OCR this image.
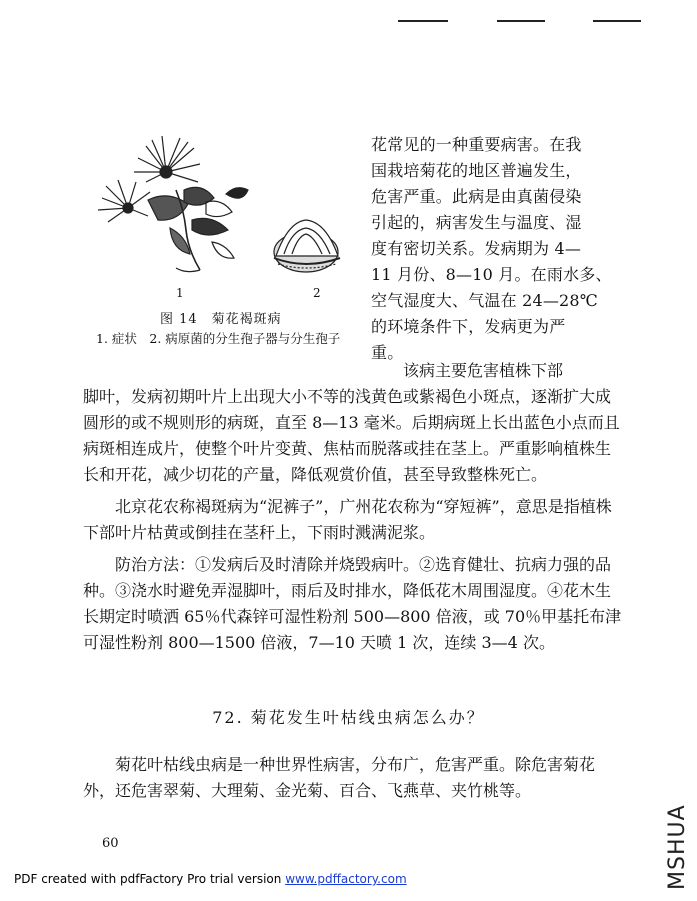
1	2
图 14　菊花褐斑病
1. 症状　2. 病原菌的分生孢子器与分生孢子

花常见的一种重要病害。在我

国栽培菊花的地区普遍发生，

危害严重。此病是由真菌侵染

引起的，病害发生与温度、湿

度有密切关系。发病期为 4—

11 月份、8—10 月。在雨水多、

空气湿度大、气温在 24—28℃

的环境条件下，发病更为严

重。

该病主要危害植株下部

脚叶，发病初期叶片上出现大小不等的浅黄色或紫褐色小斑点，逐渐扩大成圆形的或不规则形的病斑，直至 8—13 毫米。后期病斑上长出蓝色小点而且病斑相连成片，使整个叶片变黄、焦枯而脱落或挂在茎上。严重影响植株生长和开花，减少切花的产量，降低观赏价值，甚至导致整株死亡。

北京花农称褐斑病为“泥裤子”，广州花农称为“穿短裤”，意思是指植株下部叶片枯黄或倒挂在茎秆上，下雨时溅满泥浆。

防治方法：①发病后及时清除并烧毁病叶。②选育健壮、抗病力强的品种。③浇水时避免弄湿脚叶，雨后及时排水，降低花木周围湿度。④花木生长期定时喷洒 65％代森锌可湿性粉剂 500—800 倍液，或 70％甲基托布津可湿性粉剂 800—1500 倍液，7—10 天喷 1 次，连续 3—4 次。

72. 菊花发生叶枯线虫病怎么办？

菊花叶枯线虫病是一种世界性病害，分布广，危害严重。除危害菊花外，还危害翠菊、大理菊、金光菊、百合、飞燕草、夹竹桃等。

60
PDF created with pdfFactory Pro trial version www.pdffactory.com	MSHUA
